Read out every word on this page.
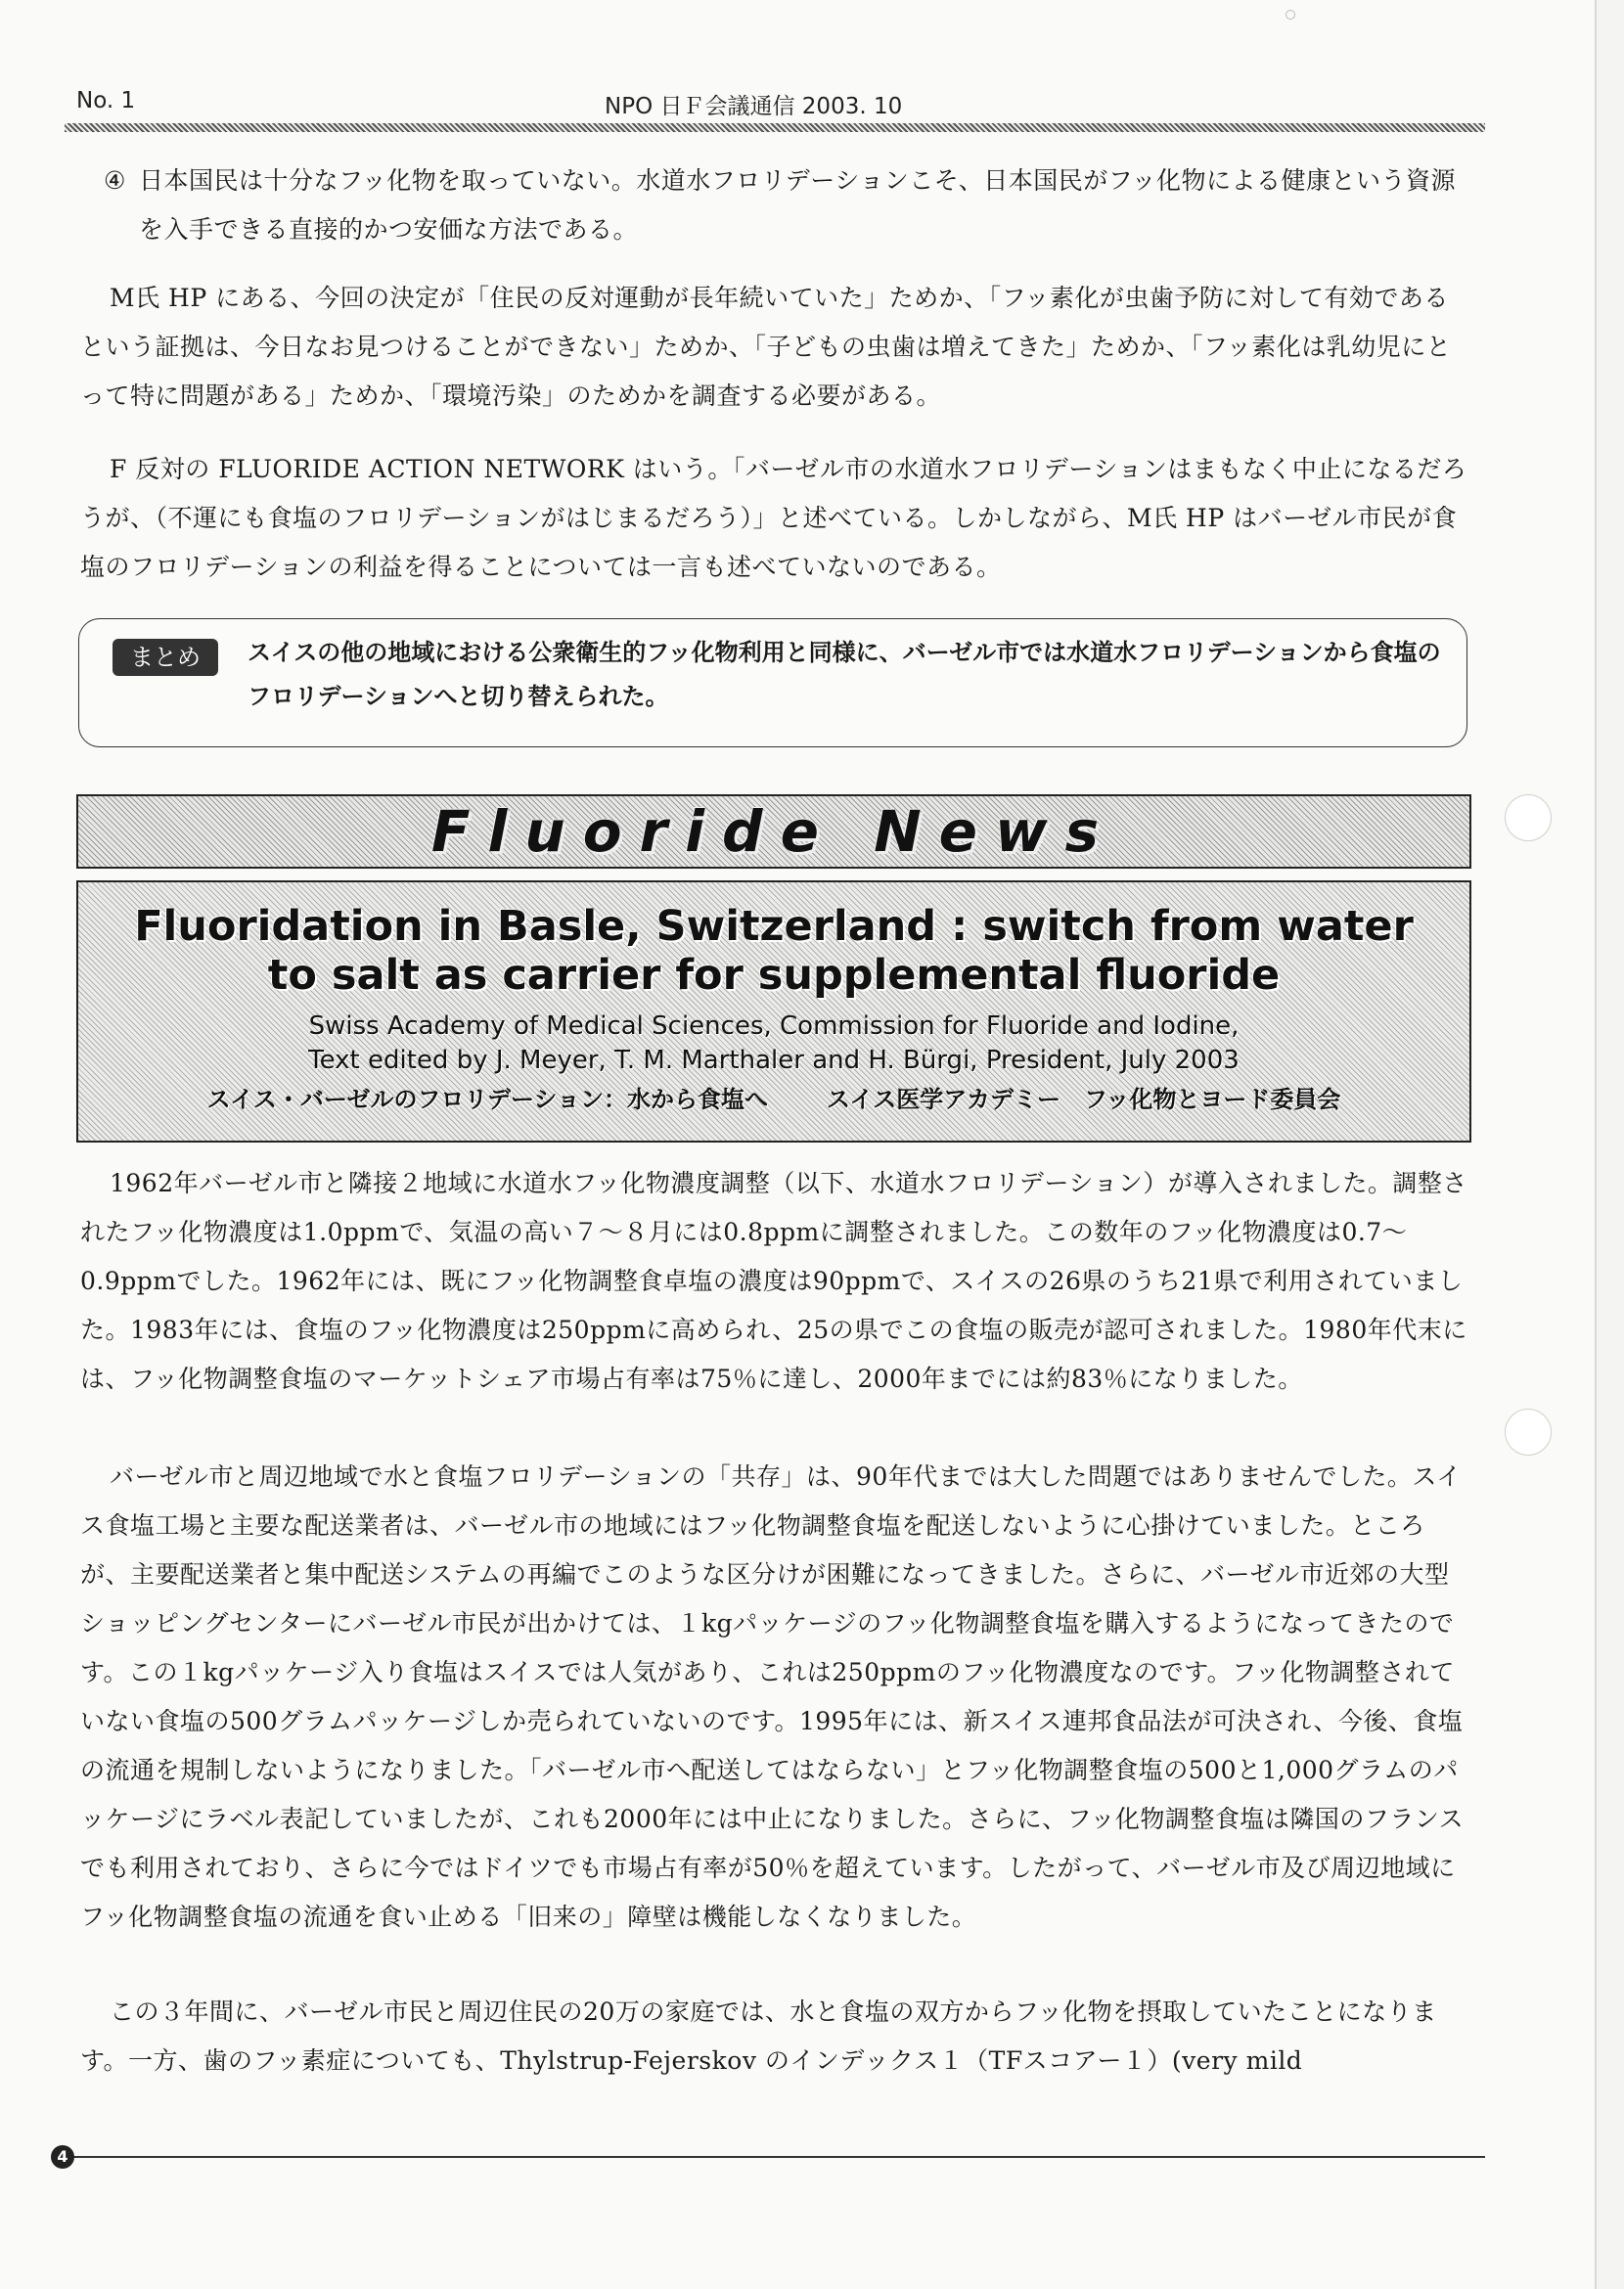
No. 1	NPO 日Ｆ会議通信 2003. 10
④ 日本国民は十分なフッ化物を取っていない。水道水フロリデーションこそ、日本国民がフッ化物による健康という資源を入手できる直接的かつ安価な方法である。

M氏 HP にある、今回の決定が「住民の反対運動が長年続いていた」ためか、「フッ素化が虫歯予防に対して有効であるという証拠は、今日なお見つけることができない」ためか、「子どもの虫歯は増えてきた」ためか、「フッ素化は乳幼児にとって特に問題がある」ためか、「環境汚染」のためかを調査する必要がある。

F 反対の FLUORIDE ACTION NETWORK はいう。「バーゼル市の水道水フロリデーションはまもなく中止になるだろうが、（不運にも食塩のフロリデーションがはじまるだろう）」と述べている。しかしながら、M氏 HP はバーゼル市民が食塩のフロリデーションの利益を得ることについては一言も述べていないのである。

まとめ	スイスの他の地域における公衆衛生的フッ化物利用と同様に、バーゼル市では水道水フロリデーションから食塩のフロリデーションへと切り替えられた。
Fluoride News
Fluoridation in Basle, Switzerland : switch from water
to salt as carrier for supplemental fluoride
Swiss Academy of Medical Sciences, Commission for Fluoride and Iodine,
Text edited by J. Meyer, T. M. Marthaler and H. Bürgi, President, July 2003
スイス・バーゼルのフロリデーション：水から食塩へ	スイス医学アカデミー　フッ化物とヨード委員会

1962年バーゼル市と隣接２地域に水道水フッ化物濃度調整（以下、水道水フロリデーション）が導入されました。調整されたフッ化物濃度は1.0ppmで、気温の高い７～８月には0.8ppmに調整されました。この数年のフッ化物濃度は0.7～0.9ppmでした。1962年には、既にフッ化物調整食卓塩の濃度は90ppmで、スイスの26県のうち21県で利用されていました。1983年には、食塩のフッ化物濃度は250ppmに高められ、25の県でこの食塩の販売が認可されました。1980年代末には、フッ化物調整食塩のマーケットシェア市場占有率は75％に達し、2000年までには約83％になりました。

バーゼル市と周辺地域で水と食塩フロリデーションの「共存」は、90年代までは大した問題ではありませんでした。スイス食塩工場と主要な配送業者は、バーゼル市の地域にはフッ化物調整食塩を配送しないように心掛けていました。ところが、主要配送業者と集中配送システムの再編でこのような区分けが困難になってきました。さらに、バーゼル市近郊の大型ショッピングセンターにバーゼル市民が出かけては、１kgパッケージのフッ化物調整食塩を購入するようになってきたのです。この１kgパッケージ入り食塩はスイスでは人気があり、これは250ppmのフッ化物濃度なのです。フッ化物調整されていない食塩の500グラムパッケージしか売られていないのです。1995年には、新スイス連邦食品法が可決され、今後、食塩の流通を規制しないようになりました。「バーゼル市へ配送してはならない」とフッ化物調整食塩の500と1,000グラムのパッケージにラベル表記していましたが、これも2000年には中止になりました。さらに、フッ化物調整食塩は隣国のフランスでも利用されており、さらに今ではドイツでも市場占有率が50％を超えています。したがって、バーゼル市及び周辺地域にフッ化物調整食塩の流通を食い止める「旧来の」障壁は機能しなくなりました。

この３年間に、バーゼル市民と周辺住民の20万の家庭では、水と食塩の双方からフッ化物を摂取していたことになります。一方、歯のフッ素症についても、Thylstrup-Fejerskov のインデックス１（TFスコアー１）(very mild

4
